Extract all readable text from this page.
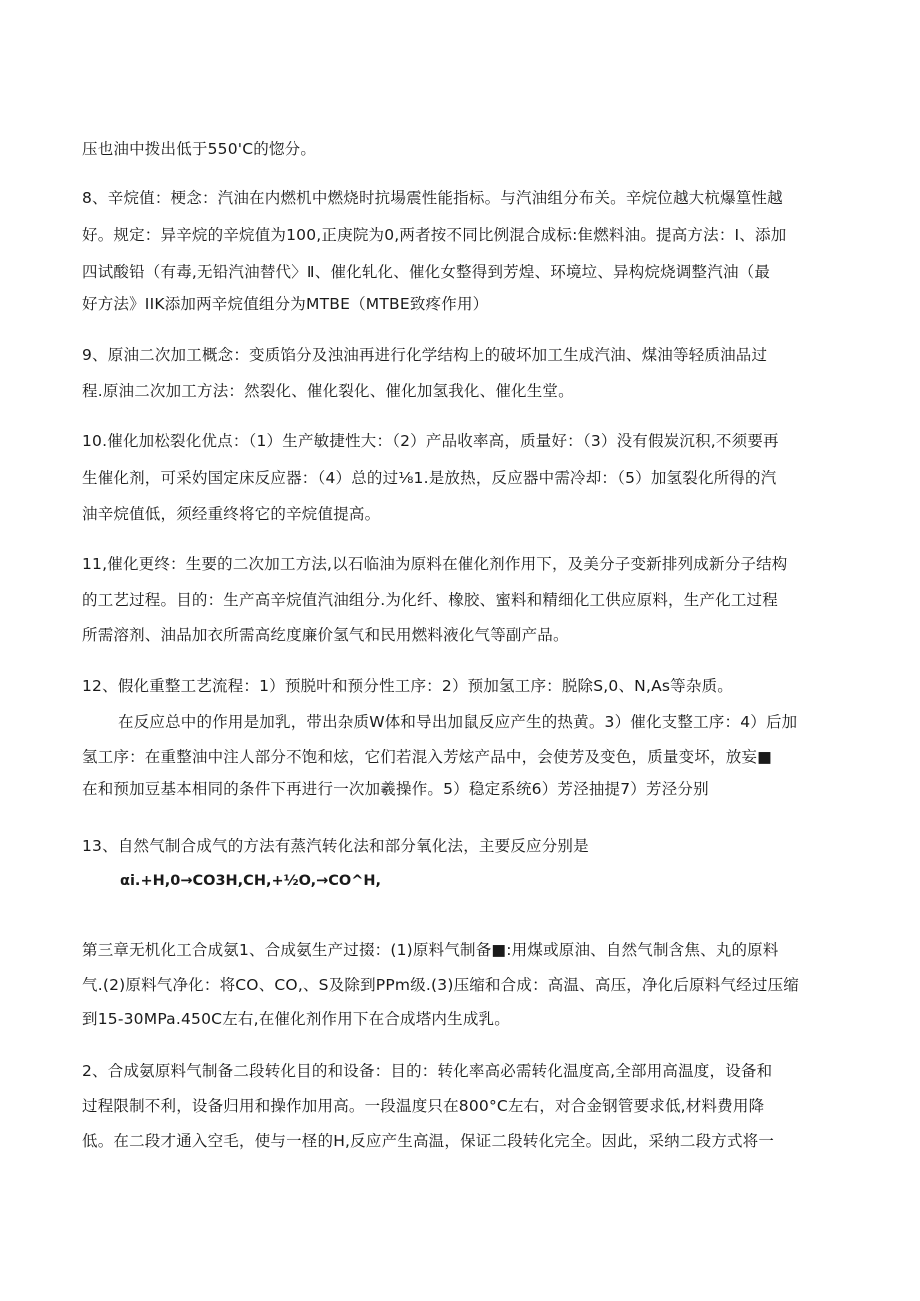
压也油中拨出低于550'C的惚分。
8、辛烷值：梗念：汽油在内燃机中燃烧时抗場震性能指标。与汽油组分布关。辛烷位越大杭爆篁性越
好。规定：异辛烷的辛烷值为100,正庚院为0,两者按不同比例混合成标:隹燃料油。提高方法：I、添加
四试酸铅（有毒,无铅汽油替代〉Ⅱ、催化轧化、催化女整得到芳煌、环境垃、异构烷烧调整汽油（最
好方法》IIK添加两辛烷值组分为MTBE（MTBE致疼作用）
9、原油二次加工概念：变质馅分及浊油再进行化学结构上的破坏加工生成汽油、煤油等轻质油品过
程.原油二次加工方法：然裂化、催化裂化、催化加氢我化、催化生堂。
10.催化加松裂化优点：（1）生产敏捷性大：（2）产品收率高，质量好：（3）没有假炭沉积,不须要再
生催化剂，可采妁国定床反应器：（4）总的过⅛1.是放热，反应器中需冷却：（5）加氢裂化所得的汽
油辛烷值低，须经重终将它的辛烷值提高。
11,催化更终：生要的二次加工方法,以石临油为原料在催化剂作用下，及美分子变新排列成新分子结构
的工艺过程。目的：生产高辛烷值汽油组分.为化纤、橡胶、蜜料和精细化工供应原料，生产化工过程
所需溶剂、油品加衣所需高纥度廉价氢气和民用燃料液化气等副产品。
12、假化重整工艺流程：1）预脱叶和预分性工序：2）预加氢工序：脱除S,0、N,As等杂质。
在反应总中的作用是加乳，带出杂质W体和导出加鼠反应产生的热黄。3）催化支整工序：4）后加
氢工序：在重整油中注人部分不饱和炫，它们若混入芳炫产品中，会使芳及变色，质量变坏，放妄■
在和预加豆基本相同的条件下再进行一次加羲操作。5）稳定系统6）芳泾抽提7）芳泾分别
13、自然气制合成气的方法有蒸汽转化法和部分氧化法，主要反应分别是
αi.+H,0→CO3H,CH,+½O,→CO^H,
第三章无机化工合成氨1、合成氨生产过掇：(1)原料气制备■:用煤或原油、自然气制含焦、丸的原料
气.(2)原料气净化：将CO、CO,、S及除到PPm级.(3)压缩和合成：高温、高压，净化后原料气经过压缩
到15-30MPa.450C左右,在催化剂作用下在合成塔内生成乳。
2、合成氨原料气制备二段转化目的和设备：目的：转化率高必需转化温度高,全部用高温度，设备和
过程限制不利，设备归用和操作加用高。一段温度只在800°C左右，对合金钢管要求低,材料费用降
低。在二段才通入空毛，使与一柽的H,反应产生高温，保证二段转化完全。因此，采纳二段方式将一
